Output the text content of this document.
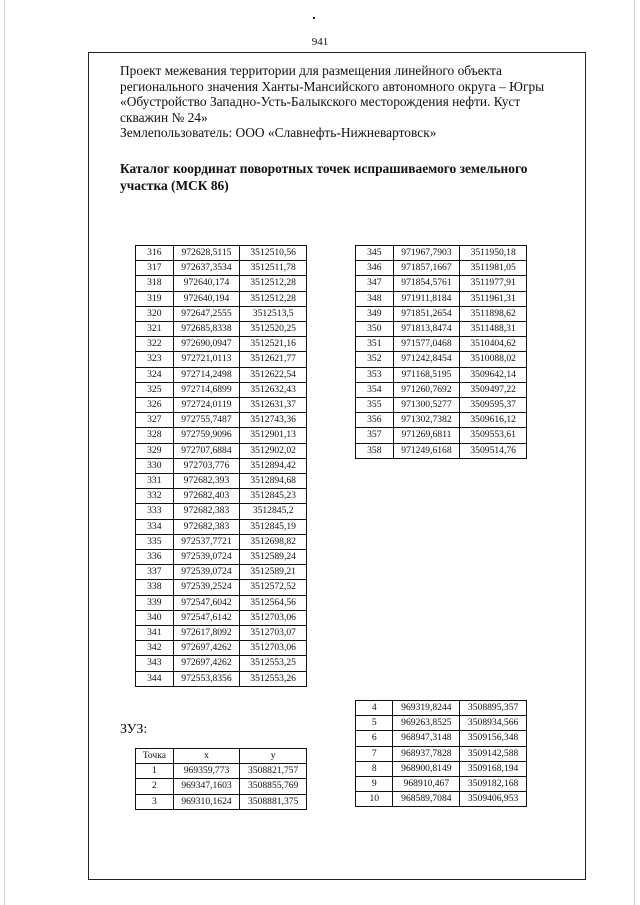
941
Проект межевания территории для размещения линейного объекта
регионального значения Ханты-Мансийского автономного округа – Югры
«Обустройство Западно-Усть-Балыкского месторождения нефти. Куст
скважин № 24»
Землепользователь: ООО «Славнефть-Нижневартовск»
Каталог координат поворотных точек испрашиваемого земельного участка (МСК 86)
316	972628,5115	3512510,56
317	972637,3534	3512511,78
318	972640,174	3512512,28
319	972640,194	3512512,28
320	972647,2555	3512513,5
321	972685,8338	3512520,25
322	972690,0947	3512521,16
323	972721,0113	3512621,77
324	972714,2498	3512622,54
325	972714,6899	3512632,43
326	972724,0119	3512631,37
327	972755,7487	3512743,36
328	972759,9096	3512901,13
329	972707,6884	3512902,02
330	972703,776	3512894,42
331	972682,393	3512894,68
332	972682,403	3512845,23
333	972682,383	3512845,2
334	972682,383	3512845,19
335	972537,7721	3512698,82
336	972539,0724	3512589,24
337	972539,0724	3512589,21
338	972539,2524	3512572,52
339	972547,6042	3512564,56
340	972547,6142	3512703,06
341	972617,8092	3512703,07
342	972697,4262	3512703,06
343	972697,4262	3512553,25
344	972553,8356	3512553,26
345	971967,7903	3511950,18
346	971857,1667	3511981,05
347	971854,5761	3511977,91
348	971911,8184	3511961,31
349	971851,2654	3511898,62
350	971813,8474	3511488,31
351	971577,0468	3510404,62
352	971242,8454	3510088,02
353	971168,5195	3509642,14
354	971260,7692	3509497,22
355	971300,5277	3509595,37
356	971302,7382	3509616,12
357	971269,6811	3509553,61
358	971249,6168	3509514,76
4	969319,8244	3508895,357
5	969263,8525	3508934,566
6	968947,3148	3509156,348
7	968937,7828	3509142,588
8	968900,8149	3509168,194
9	968910,467	3509182,168
10	968589,7084	3509406,953
ЗУЗ:
Точка	x	y
1	969359,773	3508821,757
2	969347,1603	3508855,769
3	969310,1624	3508881,375
